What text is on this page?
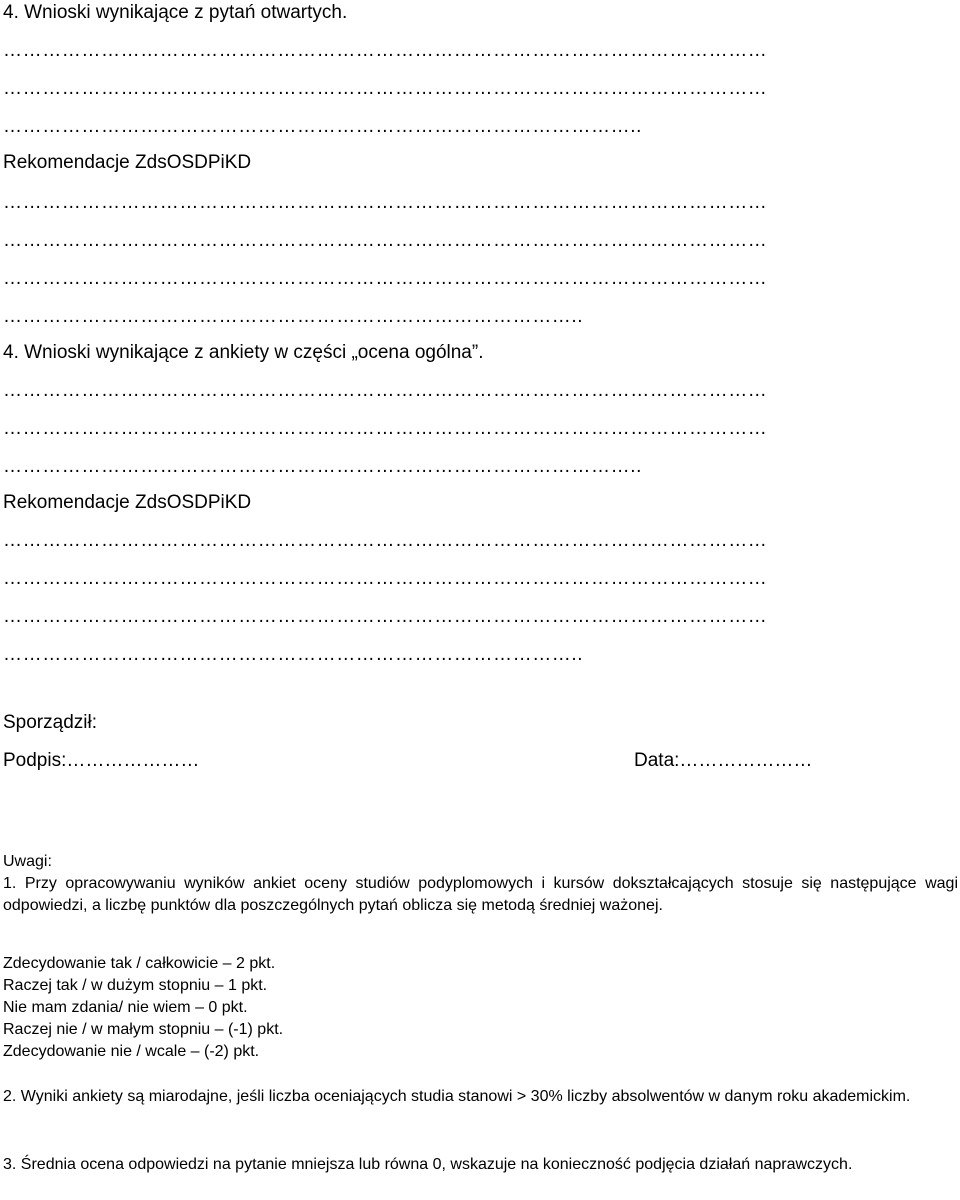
4. Wnioski wynikające z pytań otwartych.
………………………………………………………………………………………………………
………………………………………………………………………………………………………
……………………………………………………………………………………..
Rekomendacje ZdsOSDPiKD
………………………………………………………………………………………………………
………………………………………………………………………………………………………
………………………………………………………………………………………………………
……………………………………………………………………………..
4. Wnioski wynikające z ankiety w części „ocena ogólna”.
………………………………………………………………………………………………………
………………………………………………………………………………………………………
……………………………………………………………………………………..
Rekomendacje ZdsOSDPiKD
………………………………………………………………………………………………………
………………………………………………………………………………………………………
………………………………………………………………………………………………………
……………………………………………………………………………..
Sporządził:
Podpis:…………………	Data:…………………
Uwagi:
1. Przy opracowywaniu wyników ankiet oceny studiów podyplomowych i kursów dokształcających stosuje się następujące wagi odpowiedzi, a liczbę punktów dla poszczególnych pytań oblicza się metodą średniej ważonej.
Zdecydowanie tak / całkowicie – 2 pkt.
Raczej tak / w dużym stopniu – 1 pkt.
Nie mam zdania/ nie wiem – 0 pkt.
Raczej nie / w małym stopniu – (-1) pkt.
Zdecydowanie nie / wcale – (-2) pkt.
2. Wyniki ankiety są miarodajne, jeśli liczba oceniających studia stanowi > 30% liczby absolwentów w danym roku akademickim.
3. Średnia ocena odpowiedzi na pytanie mniejsza lub równa 0, wskazuje na konieczność podjęcia działań naprawczych.
